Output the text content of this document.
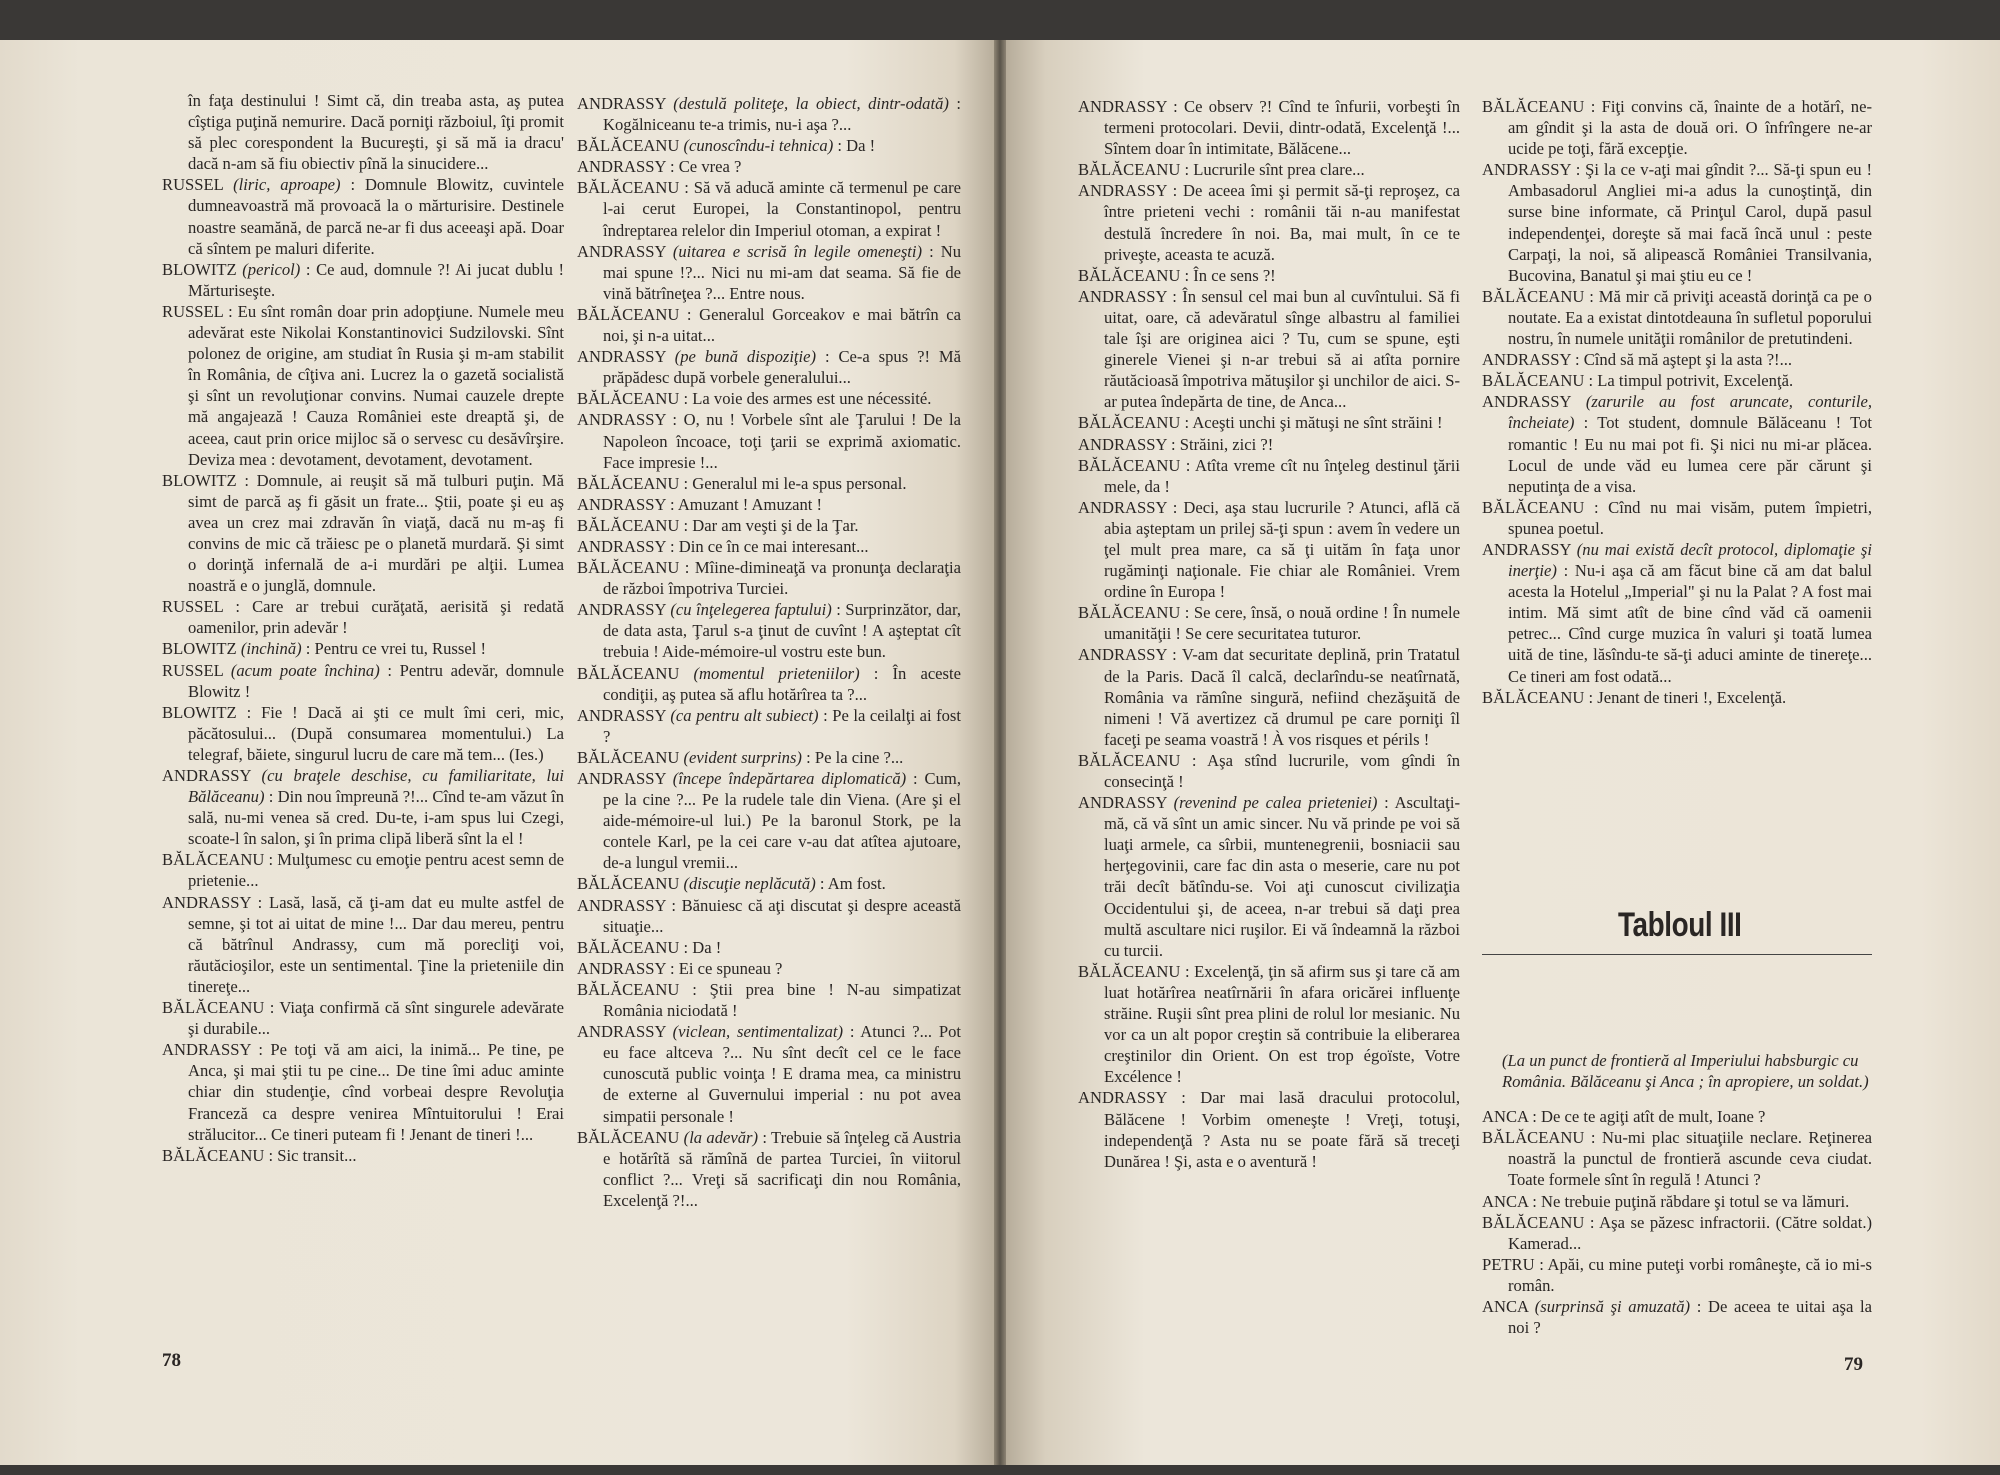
în faţa destinului ! Simt că, din treaba asta, aş putea cîştiga puţină nemurire. Dacă porniţi războiul, îţi promit să plec corespondent la Bucureşti, şi să mă ia dracu' dacă n-am să fiu obiectiv pînă la sinucidere...

RUSSEL (liric, aproape) : Domnule Blowitz, cuvintele dumneavoastră mă provoacă la o mărturisire. Destinele noastre seamănă, de parcă ne-ar fi dus aceeaşi apă. Doar că sîntem pe maluri diferite.

BLOWITZ (pericol) : Ce aud, domnule ?! Ai jucat dublu ! Mărturiseşte.

RUSSEL : Eu sînt român doar prin adopţiune. Numele meu adevărat este Nikolai Konstantinovici Sudzilovski. Sînt polonez de origine, am studiat în Rusia şi m-am stabilit în România, de cîţiva ani. Lucrez la o gazetă socialistă şi sînt un revoluţionar convins. Numai cauzele drepte mă angajează ! Cauza României este dreaptă şi, de aceea, caut prin orice mijloc să o servesc cu desăvîrşire. Deviza mea : devotament, devotament, devotament.

BLOWITZ : Domnule, ai reuşit să mă tulburi puţin. Mă simt de parcă aş fi găsit un frate... Ştii, poate şi eu aş avea un crez mai zdravăn în viaţă, dacă nu m-aş fi convins de mic că trăiesc pe o planetă murdară. Şi simt o dorinţă infernală de a-i murdări pe alţii. Lumea noastră e o junglă, domnule.

RUSSEL : Care ar trebui curăţată, aerisită şi redată oamenilor, prin adevăr !

BLOWITZ (inchină) : Pentru ce vrei tu, Russel !

RUSSEL (acum poate închina) : Pentru adevăr, domnule Blowitz !

BLOWITZ : Fie ! Dacă ai şti ce mult îmi ceri, mic, păcătosului... (După consumarea momentului.) La telegraf, băiete, singurul lucru de care mă tem... (Ies.)

ANDRASSY (cu braţele deschise, cu familiaritate, lui Bălăceanu) : Din nou împreună ?!... Cînd te-am văzut în sală, nu-mi venea să cred. Du-te, i-am spus lui Czegi, scoate-l în salon, şi în prima clipă liberă sînt la el !

BĂLĂCEANU : Mulţumesc cu emoţie pentru acest semn de prietenie...

ANDRASSY : Lasă, lasă, că ţi-am dat eu multe astfel de semne, şi tot ai uitat de mine !... Dar dau mereu, pentru că bătrînul Andrassy, cum mă porecliţi voi, răutăcioşilor, este un sentimental. Ţine la prieteniile din tinereţe...

BĂLĂCEANU : Viaţa confirmă că sînt singurele adevărate şi durabile...

ANDRASSY : Pe toţi vă am aici, la inimă... Pe tine, pe Anca, şi mai ştii tu pe cine... De tine îmi aduc aminte chiar din studenţie, cînd vorbeai despre Revoluţia Franceză ca despre venirea Mîntuitorului ! Erai strălucitor... Ce tineri puteam fi ! Jenant de tineri !...

BĂLĂCEANU : Sic transit...

ANDRASSY (destulă politeţe, la obiect, dintr-odată) : Kogălniceanu te-a trimis, nu-i aşa ?...

BĂLĂCEANU (cunoscîndu-i tehnica) : Da !

ANDRASSY : Ce vrea ?

BĂLĂCEANU : Să vă aducă aminte că termenul pe care l-ai cerut Europei, la Constantinopol, pentru îndreptarea relelor din Imperiul otoman, a expirat !

ANDRASSY (uitarea e scrisă în legile omeneşti) : Nu mai spune !?... Nici nu mi-am dat seama. Să fie de vină bătrîneţea ?... Entre nous.

BĂLĂCEANU : Generalul Gorceakov e mai bătrîn ca noi, şi n-a uitat...

ANDRASSY (pe bună dispoziţie) : Ce-a spus ?! Mă prăpădesc după vorbele generalului...

BĂLĂCEANU : La voie des armes est une nécessité.

ANDRASSY : O, nu ! Vorbele sînt ale Ţarului ! De la Napoleon încoace, toţi ţarii se exprimă axiomatic. Face impresie !...

BĂLĂCEANU : Generalul mi le-a spus personal.

ANDRASSY : Amuzant ! Amuzant !

BĂLĂCEANU : Dar am veşti şi de la Ţar.

ANDRASSY : Din ce în ce mai interesant...

BĂLĂCEANU : Mîine-dimineaţă va pronunţa declaraţia de război împotriva Turciei.

ANDRASSY (cu înţelegerea faptului) : Surprinzător, dar, de data asta, Ţarul s-a ţinut de cuvînt ! A aşteptat cît trebuia ! Aide-mémoire-ul vostru este bun.

BĂLĂCEANU (momentul prieteniilor) : În aceste condiţii, aş putea să aflu hotărîrea ta ?...

ANDRASSY (ca pentru alt subiect) : Pe la ceilalţi ai fost ?

BĂLĂCEANU (evident surprins) : Pe la cine ?...

ANDRASSY (începe îndepărtarea diplomatică) : Cum, pe la cine ?... Pe la rudele tale din Viena. (Are şi el aide-mémoire-ul lui.) Pe la baronul Stork, pe la contele Karl, pe la cei care v-au dat atîtea ajutoare, de-a lungul vremii...

BĂLĂCEANU (discuţie neplăcută) : Am fost.

ANDRASSY : Bănuiesc că aţi discutat şi despre această situaţie...

BĂLĂCEANU : Da !

ANDRASSY : Ei ce spuneau ?

BĂLĂCEANU : Ştii prea bine ! N-au simpatizat România niciodată !

ANDRASSY (viclean, sentimentalizat) : Atunci ?... Pot eu face altceva ?... Nu sînt decît cel ce le face cunoscută public voinţa ! E drama mea, ca ministru de externe al Guvernului imperial : nu pot avea simpatii personale !

BĂLĂCEANU (la adevăr) : Trebuie să înţeleg că Austria e hotărîtă să rămînă de partea Turciei, în viitorul conflict ?... Vreţi să sacrificaţi din nou România, Excelenţă ?!...

78

ANDRASSY : Ce observ ?! Cînd te înfurii, vorbeşti în termeni protocolari. Devii, dintr-odată, Excelenţă !... Sîntem doar în intimitate, Bălăcene...

BĂLĂCEANU : Lucrurile sînt prea clare...

ANDRASSY : De aceea îmi şi permit să-ţi reproşez, ca între prieteni vechi : românii tăi n-au manifestat destulă încredere în noi. Ba, mai mult, în ce te priveşte, aceasta te acuză.

BĂLĂCEANU : În ce sens ?!

ANDRASSY : În sensul cel mai bun al cuvîntului. Să fi uitat, oare, că adevăratul sînge albastru al familiei tale îşi are originea aici ? Tu, cum se spune, eşti ginerele Vienei şi n-ar trebui să ai atîta pornire răutăcioasă împotriva mătuşilor şi unchilor de aici. S-ar putea îndepărta de tine, de Anca...

BĂLĂCEANU : Aceşti unchi şi mătuşi ne sînt străini !

ANDRASSY : Străini, zici ?!

BĂLĂCEANU : Atîta vreme cît nu înţeleg destinul ţării mele, da !

ANDRASSY : Deci, aşa stau lucrurile ? Atunci, află că abia aşteptam un prilej să-ţi spun : avem în vedere un ţel mult prea mare, ca să ţi uităm în faţa unor rugăminţi naţionale. Fie chiar ale României. Vrem ordine în Europa !

BĂLĂCEANU : Se cere, însă, o nouă ordine ! În numele umanităţii ! Se cere securitatea tuturor.

ANDRASSY : V-am dat securitate deplină, prin Tratatul de la Paris. Dacă îl calcă, declarîndu-se neatîrnată, România va rămîne singură, nefiind chezăşuită de nimeni ! Vă avertizez că drumul pe care porniţi îl faceţi pe seama voastră ! À vos risques et périls !

BĂLĂCEANU : Aşa stînd lucrurile, vom gîndi în consecinţă !

ANDRASSY (revenind pe calea prieteniei) : Ascultaţi-mă, că vă sînt un amic sincer. Nu vă prinde pe voi să luaţi armele, ca sîrbii, muntenegrenii, bosniacii sau herţegovinii, care fac din asta o meserie, care nu pot trăi decît bătîndu-se. Voi aţi cunoscut civilizaţia Occidentului şi, de aceea, n-ar trebui să daţi prea multă ascultare nici ruşilor. Ei vă îndeamnă la război cu turcii.

BĂLĂCEANU : Excelenţă, ţin să afirm sus şi tare că am luat hotărîrea neatîrnării în afara oricărei influenţe străine. Ruşii sînt prea plini de rolul lor mesianic. Nu vor ca un alt popor creştin să contribuie la eliberarea creştinilor din Orient. On est trop égoïste, Votre Excélence !

ANDRASSY : Dar mai lasă dracului protocolul, Bălăcene ! Vorbim omeneşte ! Vreţi, totuşi, independenţă ? Asta nu se poate fără să treceţi Dunărea ! Şi, asta e o aventură !

BĂLĂCEANU : Fiţi convins că, înainte de a hotărî, ne-am gîndit şi la asta de două ori. O înfrîngere ne-ar ucide pe toţi, fără excepţie.

ANDRASSY : Şi la ce v-aţi mai gîndit ?... Să-ţi spun eu ! Ambasadorul Angliei mi-a adus la cunoştinţă, din surse bine informate, că Prinţul Carol, după pasul independenţei, doreşte să mai facă încă unul : peste Carpaţi, la noi, să alipească României Transilvania, Bucovina, Banatul şi mai ştiu eu ce !

BĂLĂCEANU : Mă mir că priviţi această dorinţă ca pe o noutate. Ea a existat dintotdeauna în sufletul poporului nostru, în numele unităţii românilor de pretutindeni.

ANDRASSY : Cînd să mă aştept şi la asta ?!...

BĂLĂCEANU : La timpul potrivit, Excelenţă.

ANDRASSY (zarurile au fost aruncate, conturile, încheiate) : Tot student, domnule Bălăceanu ! Tot romantic ! Eu nu mai pot fi. Şi nici nu mi-ar plăcea. Locul de unde văd eu lumea cere păr cărunt şi neputinţa de a visa.

BĂLĂCEANU : Cînd nu mai visăm, putem împietri, spunea poetul.

ANDRASSY (nu mai există decît protocol, diplomaţie şi inerţie) : Nu-i aşa că am făcut bine că am dat balul acesta la Hotelul „Imperial" şi nu la Palat ? A fost mai intim. Mă simt atît de bine cînd văd că oamenii petrec... Cînd curge muzica în valuri şi toată lumea uită de tine, lăsîndu-te să-ţi aduci aminte de tinereţe... Ce tineri am fost odată...

BĂLĂCEANU : Jenant de tineri !, Excelenţă.

Tabloul III

(La un punct de frontieră al Imperiului habsburgic cu România. Bălăceanu şi Anca ; în apropiere, un soldat.)

ANCA : De ce te agiţi atît de mult, Ioane ?

BĂLĂCEANU : Nu-mi plac situaţiile neclare. Reţinerea noastră la punctul de frontieră ascunde ceva ciudat. Toate formele sînt în regulă ! Atunci ?

ANCA : Ne trebuie puţină răbdare şi totul se va lămuri.

BĂLĂCEANU : Aşa se păzesc infractorii. (Către soldat.) Kamerad...

PETRU : Apăi, cu mine puteţi vorbi româneşte, că io mi-s român.

ANCA (surprinsă şi amuzată) : De aceea te uitai aşa la noi ?

79
